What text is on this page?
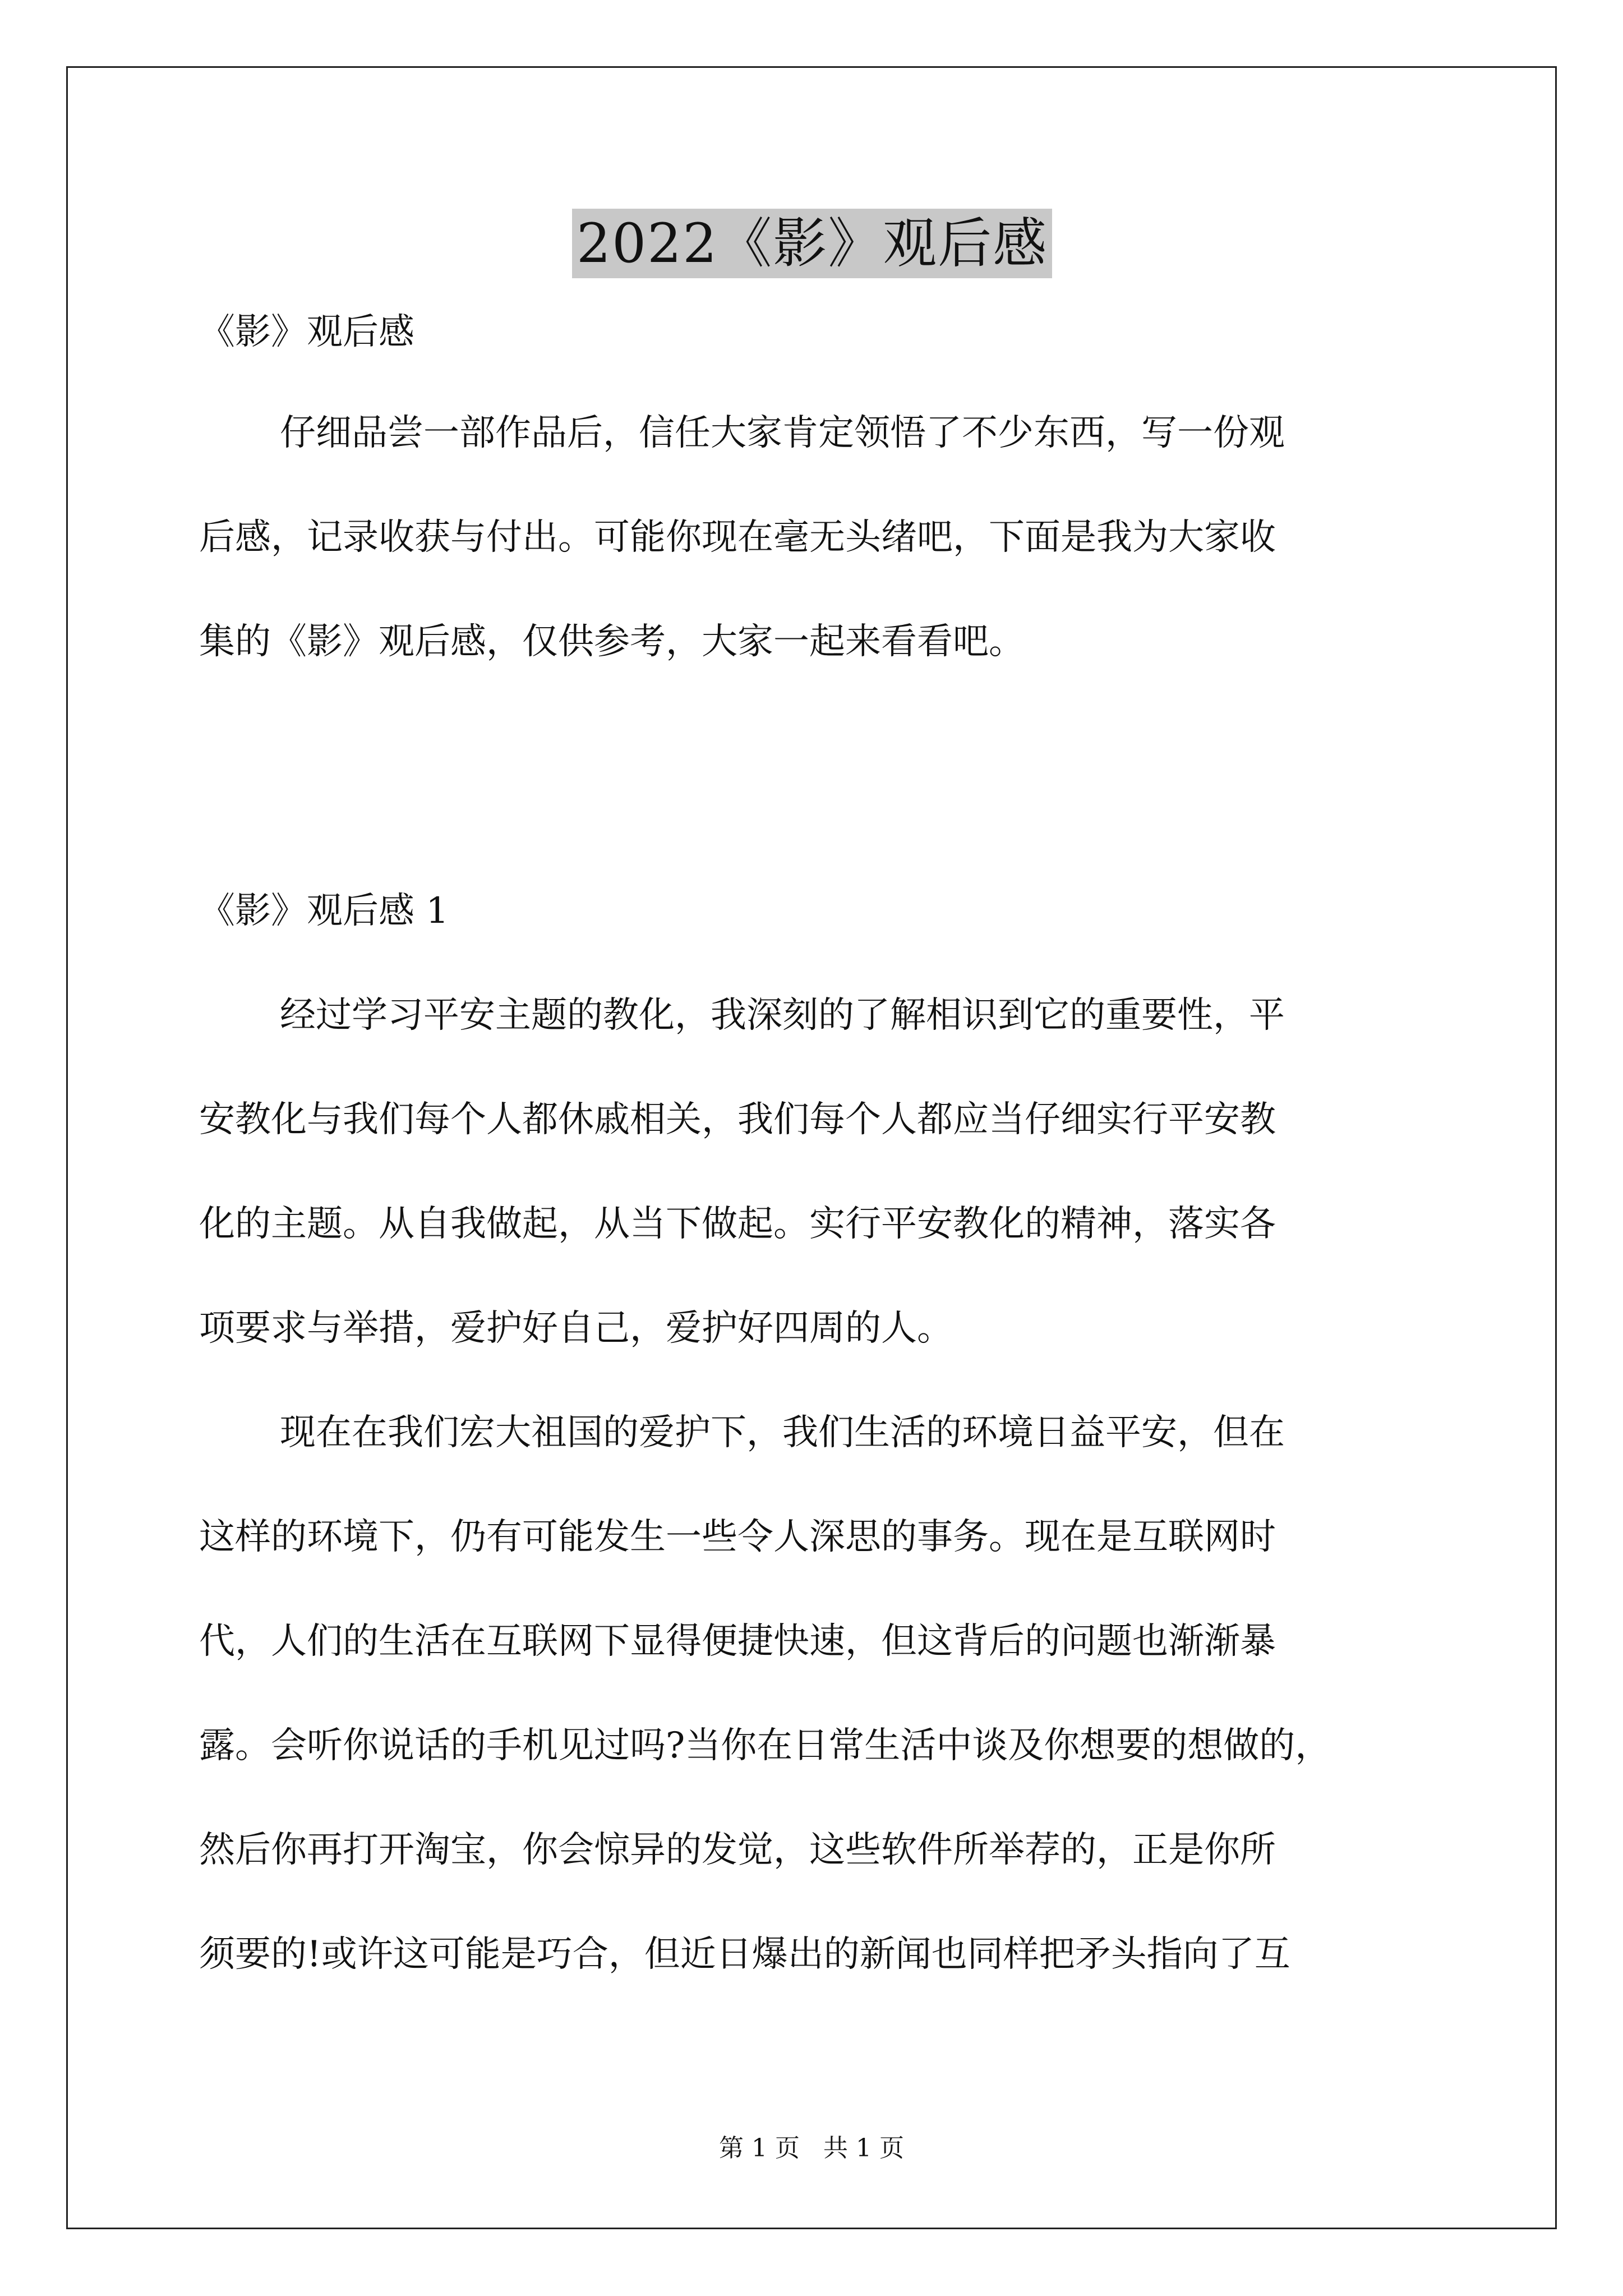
2022《影》观后感
《影》观后感
仔细品尝一部作品后，信任大家肯定领悟了不少东西，写一份观
后感，记录收获与付出。可能你现在毫无头绪吧，下面是我为大家收
集的《影》观后感，仅供参考，大家一起来看看吧。
《影》观后感 1
经过学习平安主题的教化，我深刻的了解相识到它的重要性，平
安教化与我们每个人都休戚相关，我们每个人都应当仔细实行平安教
化的主题。从自我做起，从当下做起。实行平安教化的精神，落实各
项要求与举措，爱护好自己，爱护好四周的人。
现在在我们宏大祖国的爱护下，我们生活的环境日益平安，但在
这样的环境下，仍有可能发生一些令人深思的事务。现在是互联网时
代，人们的生活在互联网下显得便捷快速，但这背后的问题也渐渐暴
露。会听你说话的手机见过吗?当你在日常生活中谈及你想要的想做的，
然后你再打开淘宝，你会惊异的发觉，这些软件所举荐的，正是你所
须要的!或许这可能是巧合，但近日爆出的新闻也同样把矛头指向了互
第 1 页   共 1 页
